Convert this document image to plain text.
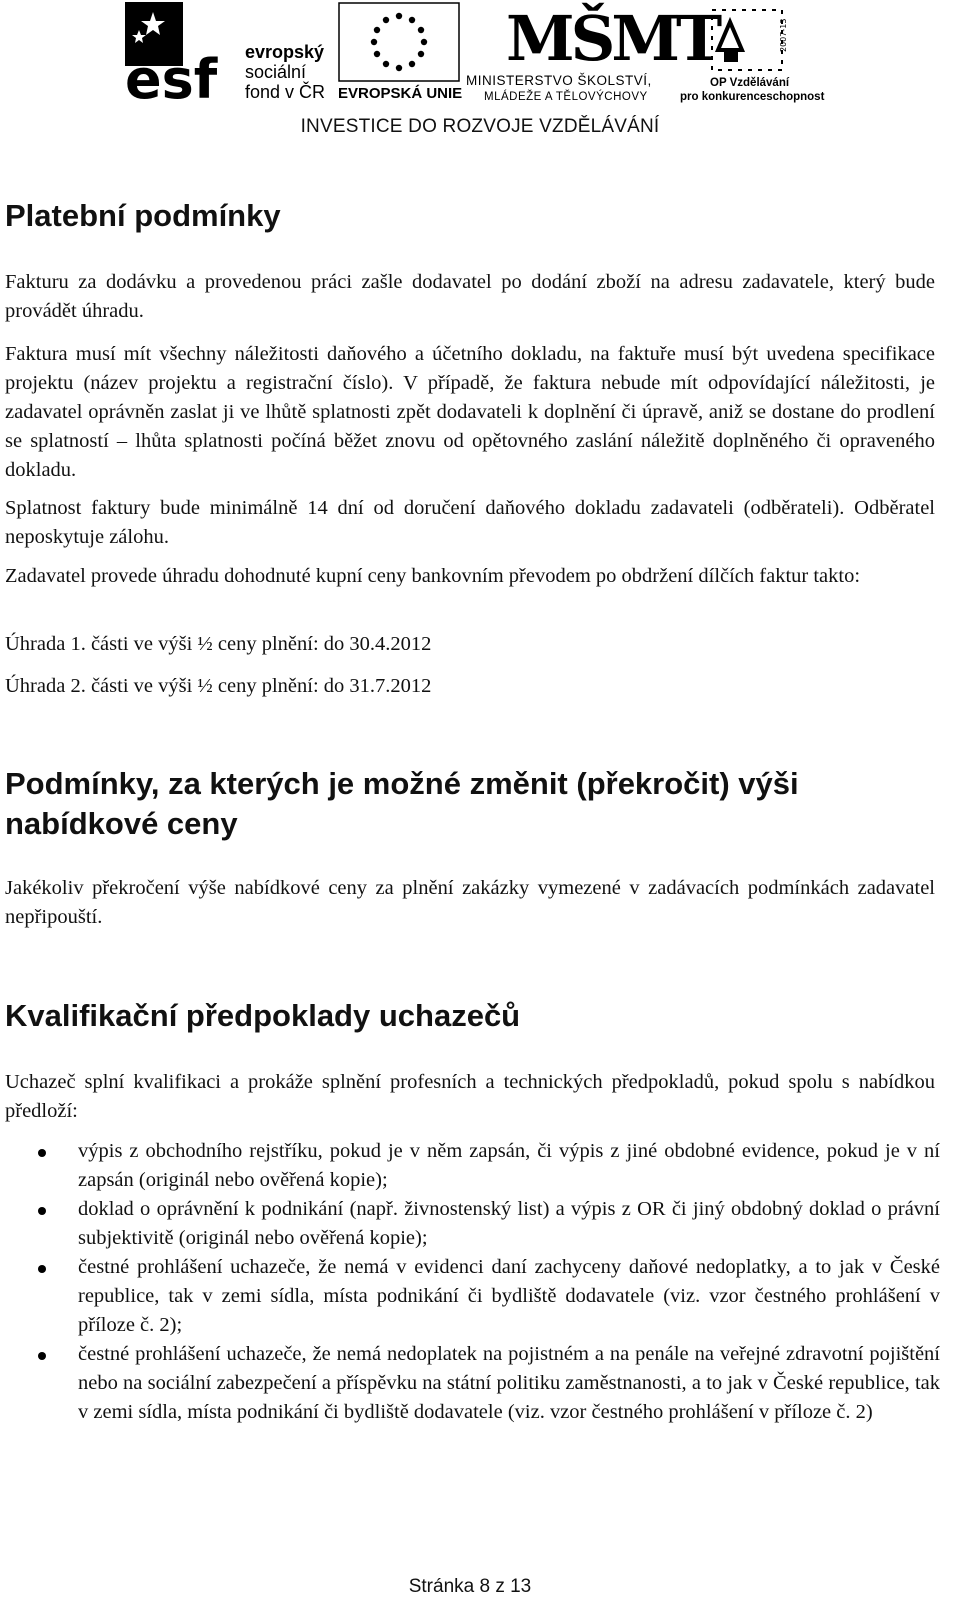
esf evropský
sociální
fond v ČR EVROPSKÁ UNIE
MŠMT
MINISTERSTVO ŠKOLSTVÍ,
MLÁDEŽE A TĚLOVÝCHOVY
2007-13
OP Vzdělávání
pro konkurenceschopnost
INVESTICE DO ROZVOJE VZDĚLÁVÁNÍ
Platební podmínky

Fakturu za dodávku a provedenou práci zašle dodavatel po dodání zboží na adresu zadavatele, který bude provádět úhradu.

Faktura musí mít všechny náležitosti daňového a účetního dokladu, na faktuře musí být uvedena specifikace projektu (název projektu a registrační číslo). V případě, že faktura nebude mít odpovídající náležitosti, je zadavatel oprávněn zaslat ji ve lhůtě splatnosti zpět dodavateli k doplnění či úpravě, aniž se dostane do prodlení se splatností – lhůta splatnosti počíná běžet znovu od opětovného zaslání náležitě doplněného či opraveného dokladu.

Splatnost faktury bude minimálně 14 dní od doručení daňového dokladu zadavateli (odběrateli). Odběratel neposkytuje zálohu.

Zadavatel provede úhradu dohodnuté kupní ceny bankovním převodem po obdržení dílčích faktur takto:

Úhrada 1. části ve výši ½ ceny plnění: do 30.4.2012

Úhrada 2. části ve výši ½ ceny plnění: do 31.7.2012

Podmínky, za kterých je možné změnit (překročit) výši
nabídkové ceny

Jakékoliv překročení výše nabídkové ceny za plnění zakázky vymezené v zadávacích podmínkách zadavatel nepřipouští.

Kvalifikační předpoklady uchazečů

Uchazeč splní kvalifikaci a prokáže splnění profesních a technických předpokladů, pokud spolu s nabídkou předloží:

výpis z obchodního rejstříku, pokud je v něm zapsán, či výpis z jiné obdobné evidence, pokud je v ní zapsán (originál nebo ověřená kopie);
doklad o oprávnění k podnikání (např. živnostenský list) a výpis z OR či jiný obdobný doklad o právní subjektivitě (originál nebo ověřená kopie);
čestné prohlášení uchazeče, že nemá v evidenci daní zachyceny daňové nedoplatky, a to jak v České republice, tak v zemi sídla, místa podnikání či bydliště dodavatele (viz. vzor čestného prohlášení v příloze č. 2);
čestné prohlášení uchazeče, že nemá nedoplatek na pojistném a na penále na veřejné zdravotní pojištění nebo na sociální zabezpečení a příspěvku na státní politiku zaměstnanosti, a to jak v České republice, tak v zemi sídla, místa podnikání či bydliště dodavatele (viz. vzor čestného prohlášení v příloze č. 2)
Stránka 8 z 13
